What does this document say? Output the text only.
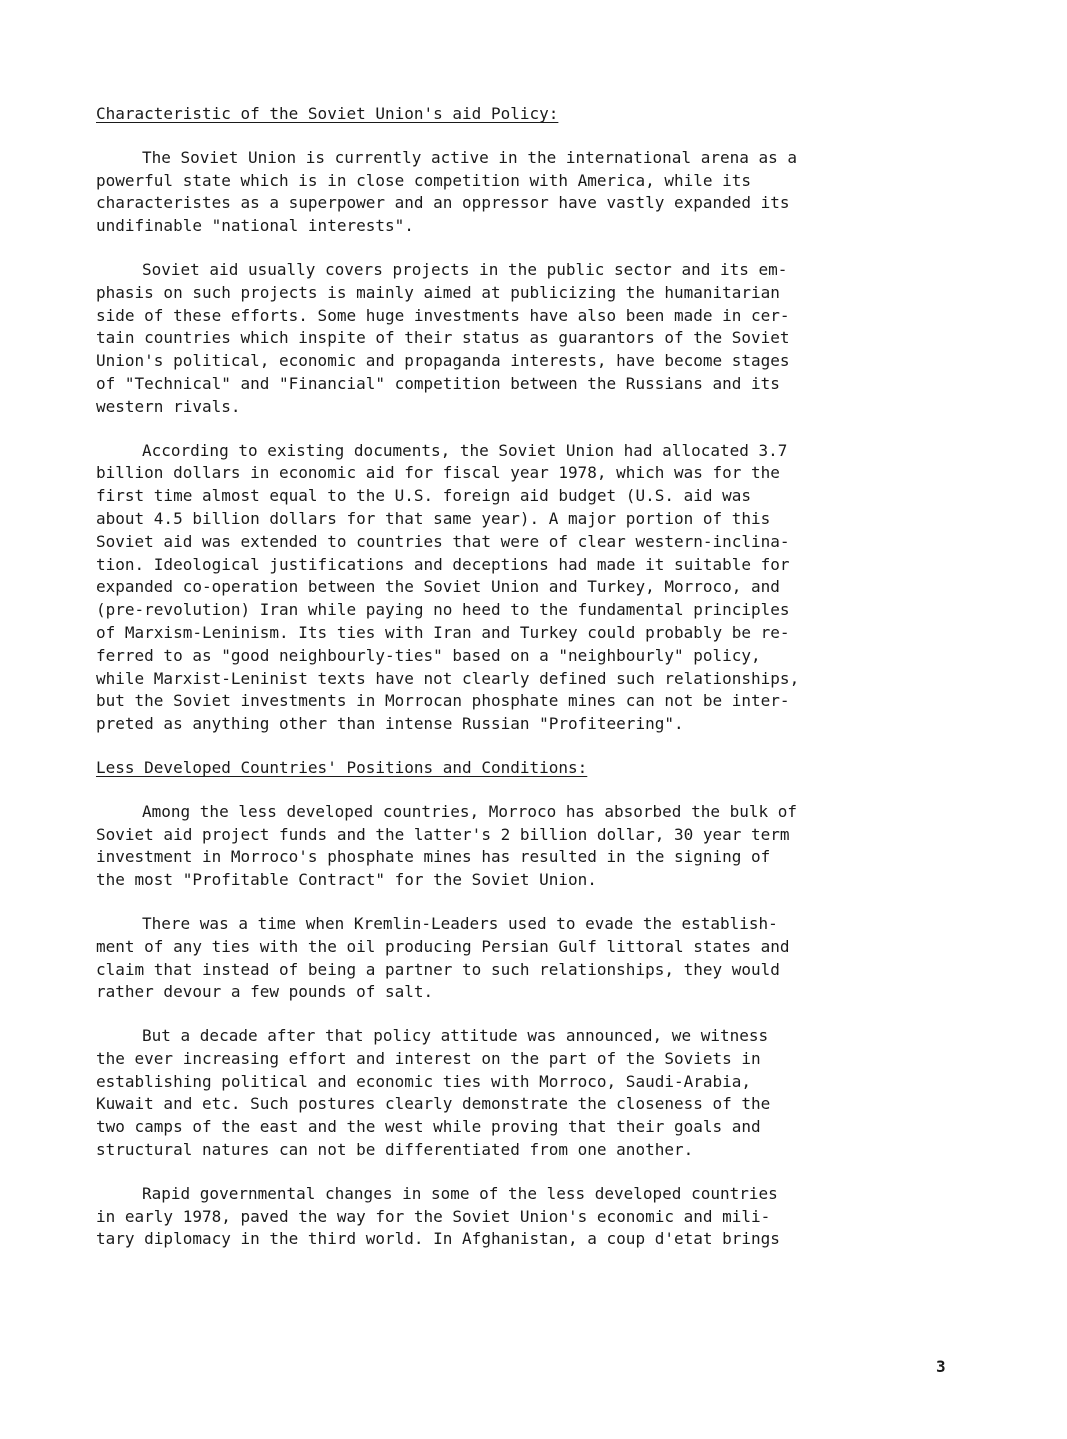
Characteristic of the Soviet Union's aid Policy:
The Soviet Union is currently active in the international arena as a
powerful state which is in close competition with America, while its
characteristes as a superpower and an oppressor have vastly expanded its
undifinable "national interests".
Soviet aid usually covers projects in the public sector and its em-
phasis on such projects is mainly aimed at publicizing the humanitarian
side of these efforts. Some huge investments have also been made in cer-
tain countries which inspite of their status as guarantors of the Soviet
Union's political, economic and propaganda interests, have become stages
of "Technical" and "Financial" competition between the Russians and its
western rivals.
According to existing documents, the Soviet Union had allocated 3.7
billion dollars in economic aid for fiscal year 1978, which was for the
first time almost equal to the U.S. foreign aid budget (U.S. aid was
about 4.5 billion dollars for that same year). A major portion of this
Soviet aid was extended to countries that were of clear western-inclina-
tion. Ideological justifications and deceptions had made it suitable for
expanded co-operation between the Soviet Union and Turkey, Morroco, and
(pre-revolution) Iran while paying no heed to the fundamental principles
of Marxism-Leninism. Its ties with Iran and Turkey could probably be re-
ferred to as "good neighbourly-ties" based on a "neighbourly" policy,
while Marxist-Leninist texts have not clearly defined such relationships,
but the Soviet investments in Morrocan phosphate mines can not be inter-
preted as anything other than intense Russian "Profiteering".
Less Developed Countries' Positions and Conditions:
Among the less developed countries, Morroco has absorbed the bulk of
Soviet aid project funds and the latter's 2 billion dollar, 30 year term
investment in Morroco's phosphate mines has resulted in the signing of
the most "Profitable Contract" for the Soviet Union.
There was a time when Kremlin-Leaders used to evade the establish-
ment of any ties with the oil producing Persian Gulf littoral states and
claim that instead of being a partner to such relationships, they would
rather devour a few pounds of salt.
But a decade after that policy attitude was announced, we witness
the ever increasing effort and interest on the part of the Soviets in
establishing political and economic ties with Morroco, Saudi-Arabia,
Kuwait and etc. Such postures clearly demonstrate the closeness of the
two camps of the east and the west while proving that their goals and
structural natures can not be differentiated from one another.
Rapid governmental changes in some of the less developed countries
in early 1978, paved the way for the Soviet Union's economic and mili-
tary diplomacy in the third world. In Afghanistan, a coup d'etat brings
3
